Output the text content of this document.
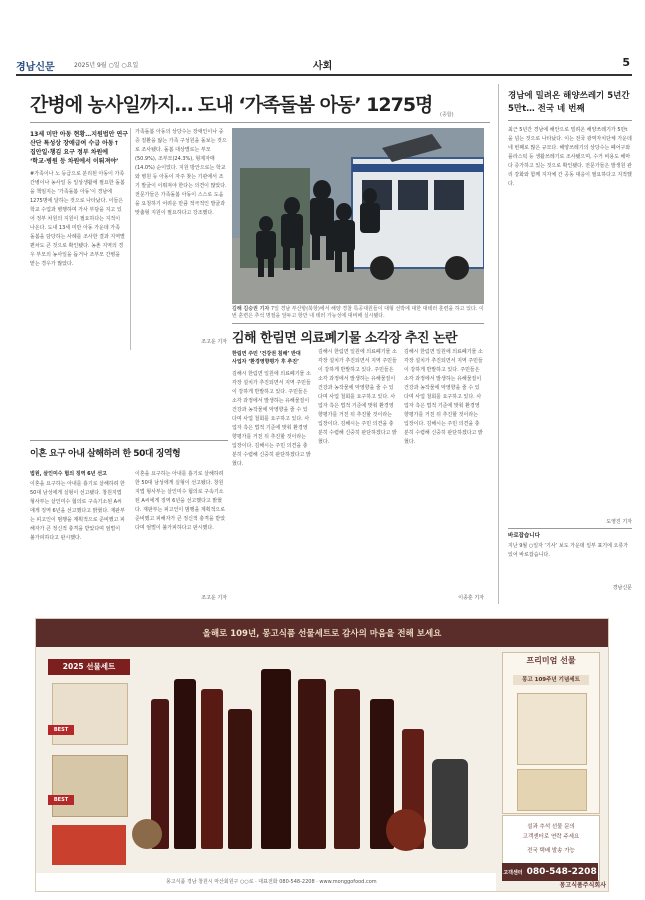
경남신문	2025년 9월 ○일 ○요일	사회	5
간병에 농사일까지… 도내 ‘가족돌봄 아동’ 1275명 (종합)
13세 미만 아동 현황…지원법안 연구
산단 특성상 장애급여 수급 아동↑
집안일·챙김 요구 정부 차원에
‘학교·병원 등 차원에서 이뤄져야’

#가족이나 노 등급으로 분리된 아동이 가족 간병이나 농사일 등 일상생활에 필요한 돌봄을 책임지는 ‘가족돌봄 아동’이 경남에 1275명에 달하는 것으로 나타났다. 이들은 학교 수업과 병행하며 가사 부담을 지고 있어 정부 차원의 지원이 필요하다는 지적이 나온다. 도내 13세 미만 아동 가운데 가족 돌봄을 담당하는 사례를 조사한 결과 지역별 편차도 큰 것으로 확인됐다. 농촌 지역의 경우 부모의 농사일을 돕거나 조부모 간병을 맡는 경우가 많았다.

가족돌봄 아동의 상당수는 장애인이나 중증 질환을 앓는 가족 구성원을 돌보는 것으로 조사됐다. 돌봄 대상별로는 부모(50.9%), 조부모(24.3%), 형제자매(14.0%) 순이었다. 지원 방안으로는 학교와 병원 등 아동이 자주 찾는 기관에서 조기 발굴이 이뤄져야 한다는 의견이 많았다. 전문가들은 가족돌봄 아동이 스스로 도움을 요청하기 어려운 만큼 적극적인 발굴과 맞춤형 지원이 필요하다고 강조했다.

조고운 기자
김해 김승권 기자 7일 경남 부산항(북항)에서 해양 경찰 특공대원들이 대형 선박에 대한 대테러 훈련을 하고 있다. 이번 훈련은 추석 명절을 앞두고 항만 내 테러 가능성에 대비해 실시됐다.
김해 한림면 의료폐기물 소각장 추진 논란
한림면 주민 ‘건강권 침해’ 반대
사업자 ‘환경영향평가 후 추진’

김해시 한림면 일원에 의료폐기물 소각장 설치가 추진되면서 지역 주민들이 강하게 반발하고 있다. 주민들은 소각 과정에서 발생하는 유해물질이 건강과 농작물에 악영향을 줄 수 있다며 사업 철회를 요구하고 있다. 사업자 측은 법적 기준에 맞춰 환경영향평가를 거친 뒤 추진할 것이라는 입장이다. 김해시는 주민 의견을 충분히 수렴해 신중히 판단하겠다고 밝혔다.

김해시 한림면 일원에 의료폐기물 소각장 설치가 추진되면서 지역 주민들이 강하게 반발하고 있다. 주민들은 소각 과정에서 발생하는 유해물질이 건강과 농작물에 악영향을 줄 수 있다며 사업 철회를 요구하고 있다. 사업자 측은 법적 기준에 맞춰 환경영향평가를 거친 뒤 추진할 것이라는 입장이다. 김해시는 주민 의견을 충분히 수렴해 신중히 판단하겠다고 밝혔다.

김해시 한림면 일원에 의료폐기물 소각장 설치가 추진되면서 지역 주민들이 강하게 반발하고 있다. 주민들은 소각 과정에서 발생하는 유해물질이 건강과 농작물에 악영향을 줄 수 있다며 사업 철회를 요구하고 있다. 사업자 측은 법적 기준에 맞춰 환경영향평가를 거친 뒤 추진할 것이라는 입장이다. 김해시는 주민 의견을 충분히 수렴해 신중히 판단하겠다고 밝혔다.

이종훈 기자
이혼 요구 아내 살해하려 한 50대 징역형
법원, 살인미수 혐의 징역 6년 선고

이혼을 요구하는 아내를 흉기로 살해하려 한 50대 남성에게 실형이 선고됐다. 창원지법 형사부는 살인미수 혐의로 구속기소된 A씨에게 징역 6년을 선고했다고 밝혔다. 재판부는 피고인이 범행을 계획적으로 준비했고 피해자가 큰 정신적 충격을 받았다며 엄벌이 불가피하다고 판시했다.

이혼을 요구하는 아내를 흉기로 살해하려 한 50대 남성에게 실형이 선고됐다. 창원지법 형사부는 살인미수 혐의로 구속기소된 A씨에게 징역 6년을 선고했다고 밝혔다. 재판부는 피고인이 범행을 계획적으로 준비했고 피해자가 큰 정신적 충격을 받았다며 엄벌이 불가피하다고 판시했다.

조고운 기자
경남에 밀려온 해양쓰레기 5년간 5만t… 전국 네 번째

최근 5년간 경남에 해안으로 밀려온 해양쓰레기가 5만t을 넘는 것으로 나타났다. 이는 전국 광역자치단체 가운데 네 번째로 많은 규모다. 해양쓰레기의 상당수는 폐어구와 플라스틱 등 생활쓰레기로 조사됐으며, 수거 비용도 해마다 증가하고 있는 것으로 확인됐다. 전문가들은 발생원 관리 강화와 함께 지자체 간 공동 대응이 필요하다고 지적했다.

도영진 기자
바로잡습니다

지난 9월 ○일자 ‘기사’ 보도 가운데 일부 표기에 오류가 있어 바로잡습니다.

경남신문
올해로 109년, 몽고식품 선물세트로 감사의 마음을 전해 보세요
2025 선물세트
BEST
BEST
프리미엄 선물
몽고 109주년 기념세트
설과 추석 선물 문의
고객센터로 연락 주세요
전국 택배 발송 가능
고객센터 080-548-2208
몽고식품 경남 창원시 마산회원구 ○○로 · 대표전화 080-548-2208 · www.monggofood.com	몽고식품주식회사
